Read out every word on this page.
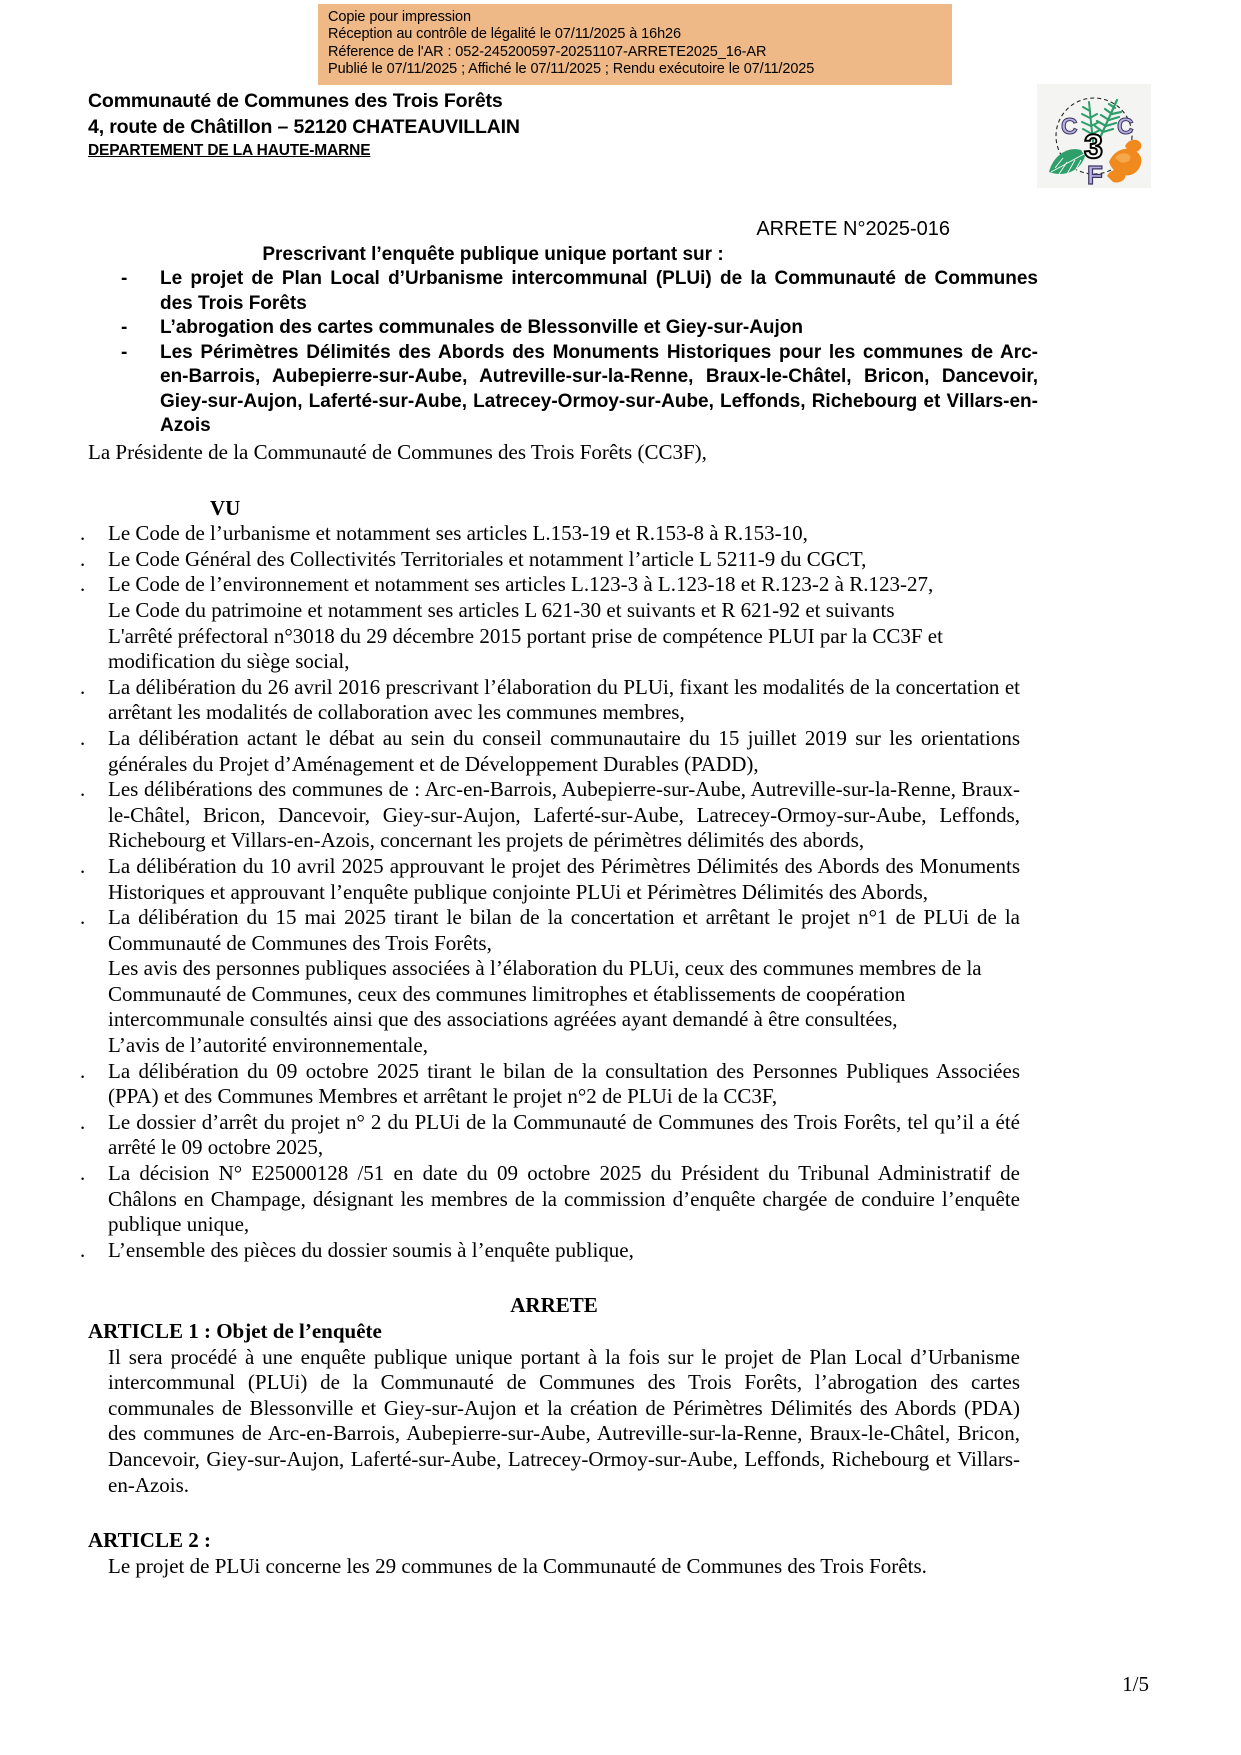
Copie pour impression
Réception au contrôle de légalité le 07/11/2025 à 16h26
Réference de l'AR : 052-245200597-20251107-ARRETE2025_16-AR
Publié le 07/11/2025 ; Affiché le 07/11/2025 ; Rendu exécutoire le 07/11/2025
Communauté de Communes des Trois Forêts
4, route de Châtillon – 52120 CHATEAUVILLAIN
DEPARTEMENT DE LA HAUTE-MARNE
C C
3
F
ARRETE N°2025-016
Prescrivant l’enquête publique unique portant sur :
- Le projet de Plan Local d’Urbanisme intercommunal (PLUi) de la Communauté de Communes des Trois Forêts
- L’abrogation des cartes communales de Blessonville et Giey-sur-Aujon
- Les Périmètres Délimités des Abords des Monuments Historiques pour les communes de Arc-en-Barrois, Aubepierre-sur-Aube, Autreville-sur-la-Renne, Braux-le-Châtel, Bricon, Dancevoir, Giey-sur-Aujon, Laferté-sur-Aube, Latrecey-Ormoy-sur-Aube, Leffonds, Richebourg et Villars-en-Azois

La Présidente de la Communauté de Communes des Trois Forêts (CC3F),

VU

. Le Code de l’urbanisme et notamment ses articles L.153-19 et R.153-8 à R.153-10,
. Le Code Général des Collectivités Territoriales et notamment l’article L 5211-9 du CGCT,
. Le Code de l’environnement et notamment ses articles L.123-3 à L.123-18 et R.123-2 à R.123-27,
Le Code du patrimoine et notamment ses articles L 621-30 et suivants et R 621-92 et suivants
L'arrêté préfectoral n°3018 du 29 décembre 2015 portant prise de compétence PLUI par la CC3F et modification du siège social,
. La délibération du 26 avril 2016 prescrivant l’élaboration du PLUi, fixant les modalités de la concertation et arrêtant les modalités de collaboration avec les communes membres,
. La délibération actant le débat au sein du conseil communautaire du 15 juillet 2019 sur les orientations générales du Projet d’Aménagement et de Développement Durables (PADD),
. Les délibérations des communes de : Arc-en-Barrois, Aubepierre-sur-Aube, Autreville-sur-la-Renne, Braux-le-Châtel, Bricon, Dancevoir, Giey-sur-Aujon, Laferté-sur-Aube, Latrecey-Ormoy-sur-Aube, Leffonds, Richebourg et Villars-en-Azois, concernant les projets de périmètres délimités des abords,
. La délibération du 10 avril 2025 approuvant le projet des Périmètres Délimités des Abords des Monuments Historiques et approuvant l’enquête publique conjointe PLUi et Périmètres Délimités des Abords,
. La délibération du 15 mai 2025 tirant le bilan de la concertation et arrêtant le projet n°1 de PLUi de la Communauté de Communes des Trois Forêts,
Les avis des personnes publiques associées à l’élaboration du PLUi, ceux des communes membres de la Communauté de Communes, ceux des communes limitrophes et établissements de coopération intercommunale consultés ainsi que des associations agréées ayant demandé à être consultées,
L’avis de l’autorité environnementale,
. La délibération du 09 octobre 2025 tirant le bilan de la consultation des Personnes Publiques Associées (PPA) et des Communes Membres et arrêtant le projet n°2 de PLUi de la CC3F,
. Le dossier d’arrêt du projet n° 2 du PLUi de la Communauté de Communes des Trois Forêts, tel qu’il a été arrêté le 09 octobre 2025,
. La décision N° E25000128 /51 en date du 09 octobre 2025 du Président du Tribunal Administratif de Châlons en Champage, désignant les membres de la commission d’enquête chargée de conduire l’enquête publique unique,
. L’ensemble des pièces du dossier soumis à l’enquête publique,

ARRETE

ARTICLE 1 : Objet de l’enquête

Il sera procédé à une enquête publique unique portant à la fois sur le projet de Plan Local d’Urbanisme intercommunal (PLUi) de la Communauté de Communes des Trois Forêts, l’abrogation des cartes communales de Blessonville et Giey-sur-Aujon et la création de Périmètres Délimités des Abords (PDA) des communes de Arc-en-Barrois, Aubepierre-sur-Aube, Autreville-sur-la-Renne, Braux-le-Châtel, Bricon, Dancevoir, Giey-sur-Aujon, Laferté-sur-Aube, Latrecey-Ormoy-sur-Aube, Leffonds, Richebourg et Villars-en-Azois.

ARTICLE 2 :

Le projet de PLUi concerne les 29 communes de la Communauté de Communes des Trois Forêts.

1/5
